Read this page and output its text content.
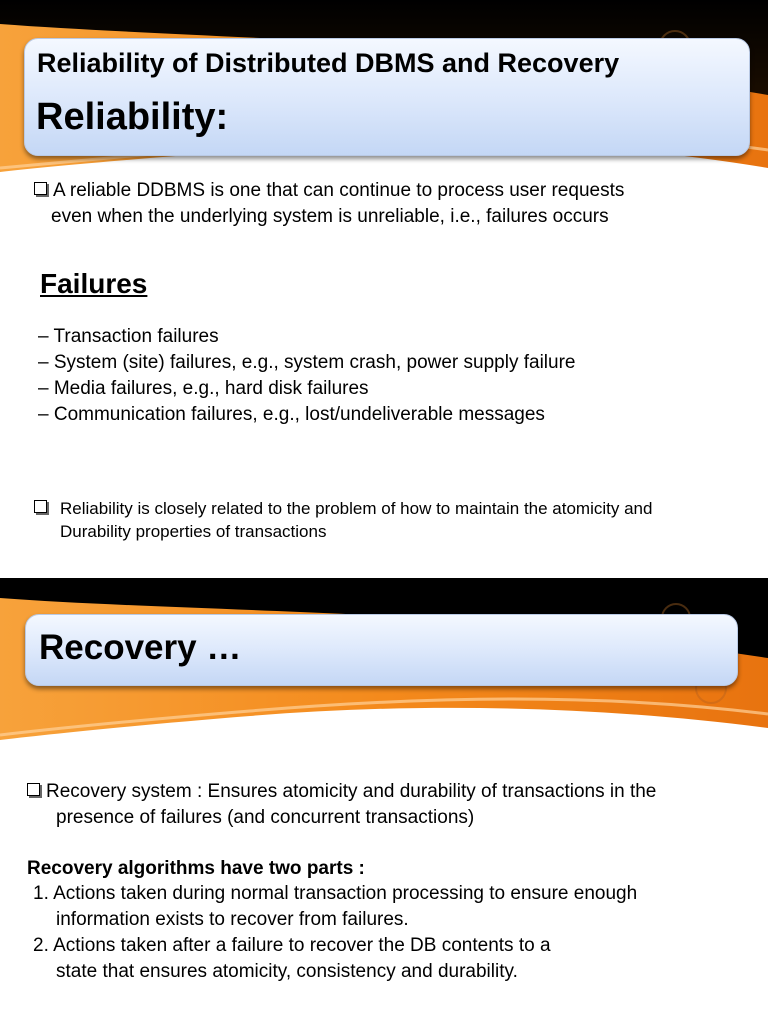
Reliability of Distributed DBMS and Recovery
Reliability:
A reliable DDBMS is one that can continue to process user requests
even when the underlying system is unreliable, i.e., failures occurs
Failures
– Transaction failures
– System (site) failures, e.g., system crash, power supply failure
– Media failures, e.g., hard disk failures
– Communication failures, e.g., lost/undeliverable messages
Reliability is closely related to the problem of how to maintain the atomicity and
Durability properties of transactions
Recovery …
Recovery system : Ensures atomicity and durability of transactions in the
presence of failures (and concurrent transactions)
Recovery algorithms have two parts :
1. Actions taken during normal transaction processing to ensure enough
information exists to recover from failures.
2. Actions taken after a failure to recover the DB contents to a
state that ensures atomicity, consistency and durability.
